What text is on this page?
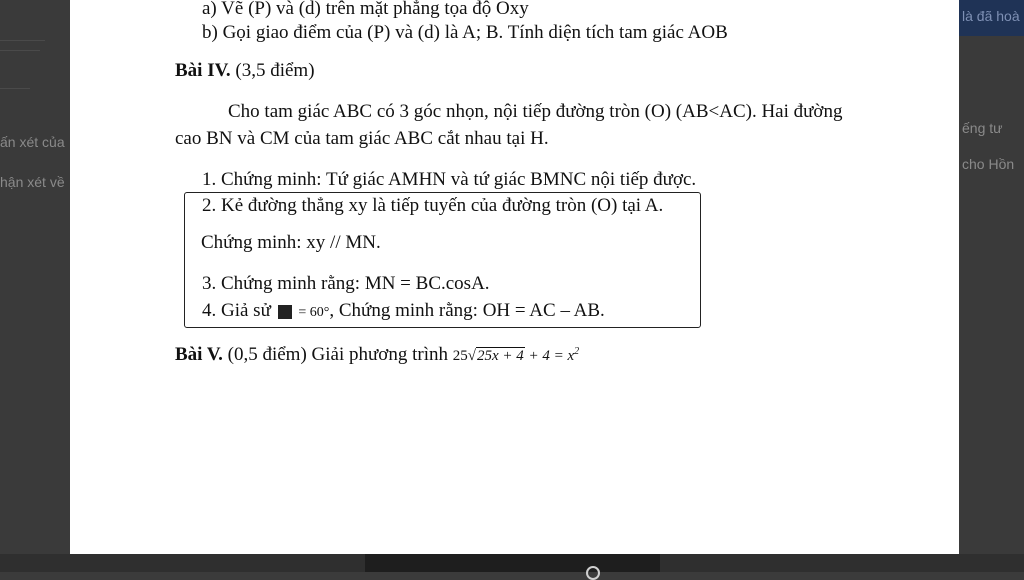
ấn xét của
hận xét về
là đã hoà
ếng tư
cho Hồn
a) Vẽ (P) và (d) trên mặt phẳng tọa độ Oxy
b) Gọi giao điểm của (P) và (d) là A; B. Tính diện tích tam giác AOB
Bài IV. (3,5 điểm)
Cho tam giác ABC có 3 góc nhọn, nội tiếp đường tròn (O) (AB<AC). Hai đường
cao BN và CM của tam giác ABC cắt nhau tại H.
1. Chứng minh: Tứ giác AMHN và tứ giác BMNC nội tiếp được.
2. Kẻ đường thẳng xy là tiếp tuyến của đường tròn (O) tại A.
Chứng minh: xy // MN.
3. Chứng minh rằng: MN = BC.cosA.
4. Giả sử = 60°, Chứng minh rằng: OH = AC – AB.
Bài V. (0,5 điểm) Giải phương trình $25√25x + 4 + 4 = x^2$
